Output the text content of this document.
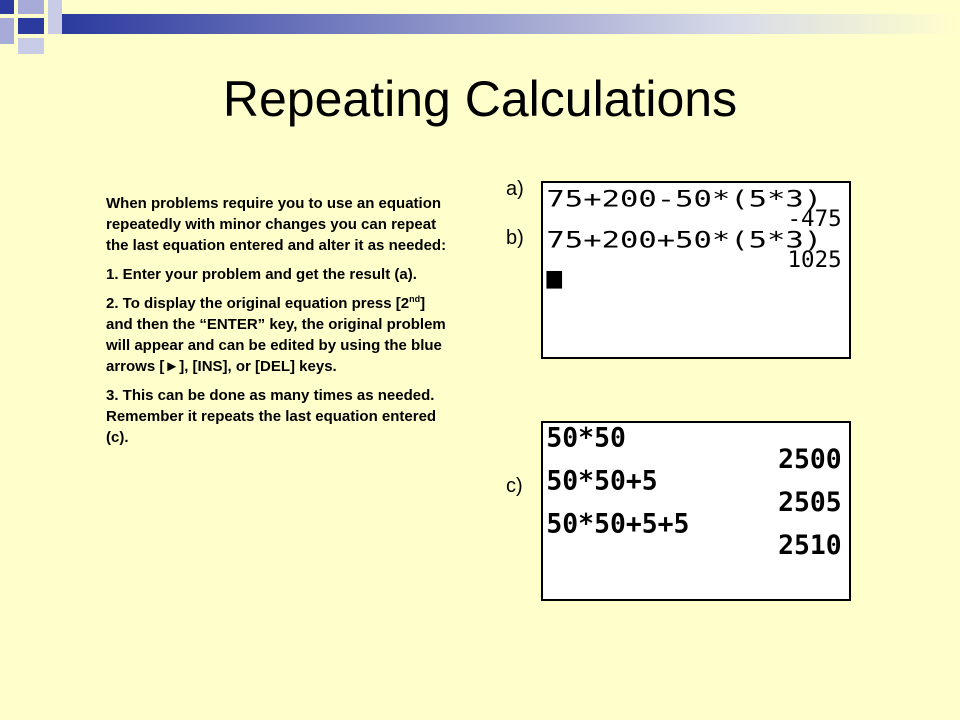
Repeating Calculations

When problems require you to use an equation repeatedly with minor changes you can repeat the last equation entered and alter it as needed:

1. Enter your problem and get the result (a).

2. To display the original equation press [2nd] and then the “ENTER” key, the original problem will appear and can be edited by using the blue arrows [►], [INS], or [DEL] keys.

3. This can be done as many times as needed. Remember it repeats the last equation entered (c).

a)
b)
c)
75+200-50*(5*3)
-475
75+200+50*(5*3)
1025
50*50
2500
50*50+5
2505
50*50+5+5
2510
